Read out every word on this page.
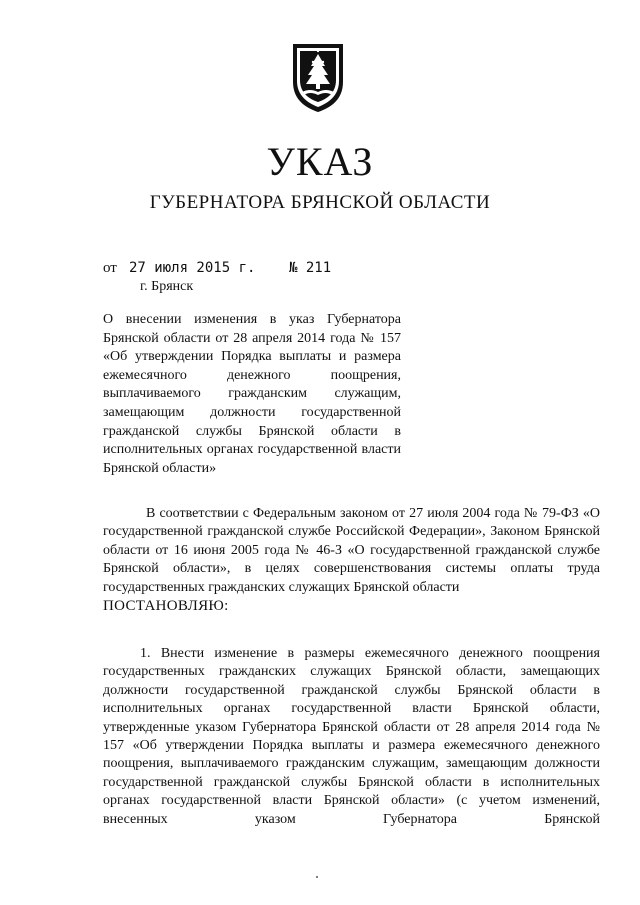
УКАЗ
ГУБЕРНАТОРА БРЯНСКОЙ ОБЛАСТИ
от 27 июля 2015 г. № 211
г. Брянск
О внесении изменения в указ Губернатора Брянской области от 28 апреля 2014 года № 157 «Об утверждении Порядка выплаты и размера ежемесячного денежного поощрения, выплачиваемого гражданским служащим, замещающим должности государственной гражданской службы Брянской области в исполнительных органах государственной власти Брянской области»
В соответствии с Федеральным законом от 27 июля 2004 года № 79-ФЗ «О государственной гражданской службе Российской Федерации», Законом Брянской области от 16 июня 2005 года № 46-З «О государственной гражданской службе Брянской области», в целях совершенствования системы оплаты труда государственных гражданских служащих Брянской области
ПОСТАНОВЛЯЮ:
1. Внести изменение в размеры ежемесячного денежного поощрения государственных гражданских служащих Брянской области, замещающих должности государственной гражданской службы Брянской области в исполнительных органах государственной власти Брянской области, утвержденные указом Губернатора Брянской области от 28 апреля 2014 года № 157 «Об утверждении Порядка выплаты и размера ежемесячного денежного поощрения, выплачиваемого гражданским служащим, замещающим должности государственной гражданской службы Брянской области в исполнительных органах государственной власти Брянской области» (с учетом изменений, внесенных указом Губернатора Брянской
